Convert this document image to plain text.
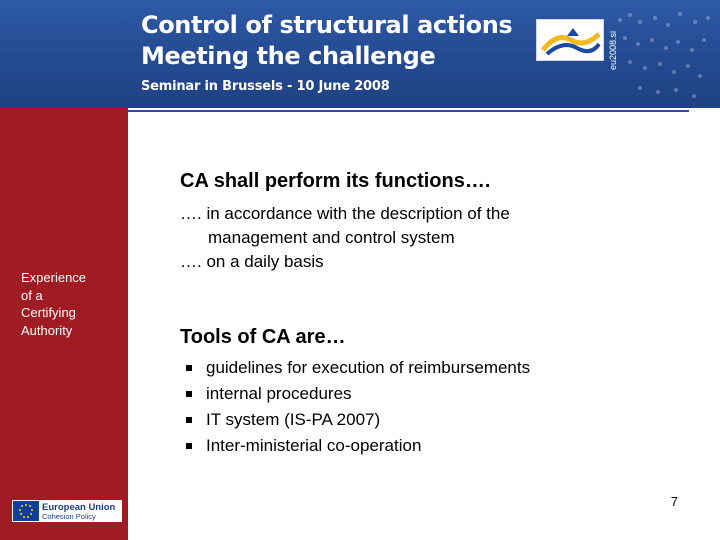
Control of structural actions
Meeting the challenge
Seminar in Brussels - 10 June 2008
eu2008.si
Experience
of a
Certifying
Authority
European Union
Cohesion Policy
CA shall perform its functions….
…. in accordance with the description of the
management and control system
…. on a daily basis
Tools of CA are…
guidelines for execution of reimbursements
internal procedures
IT system (IS-PA 2007)
Inter-ministerial co-operation
7
